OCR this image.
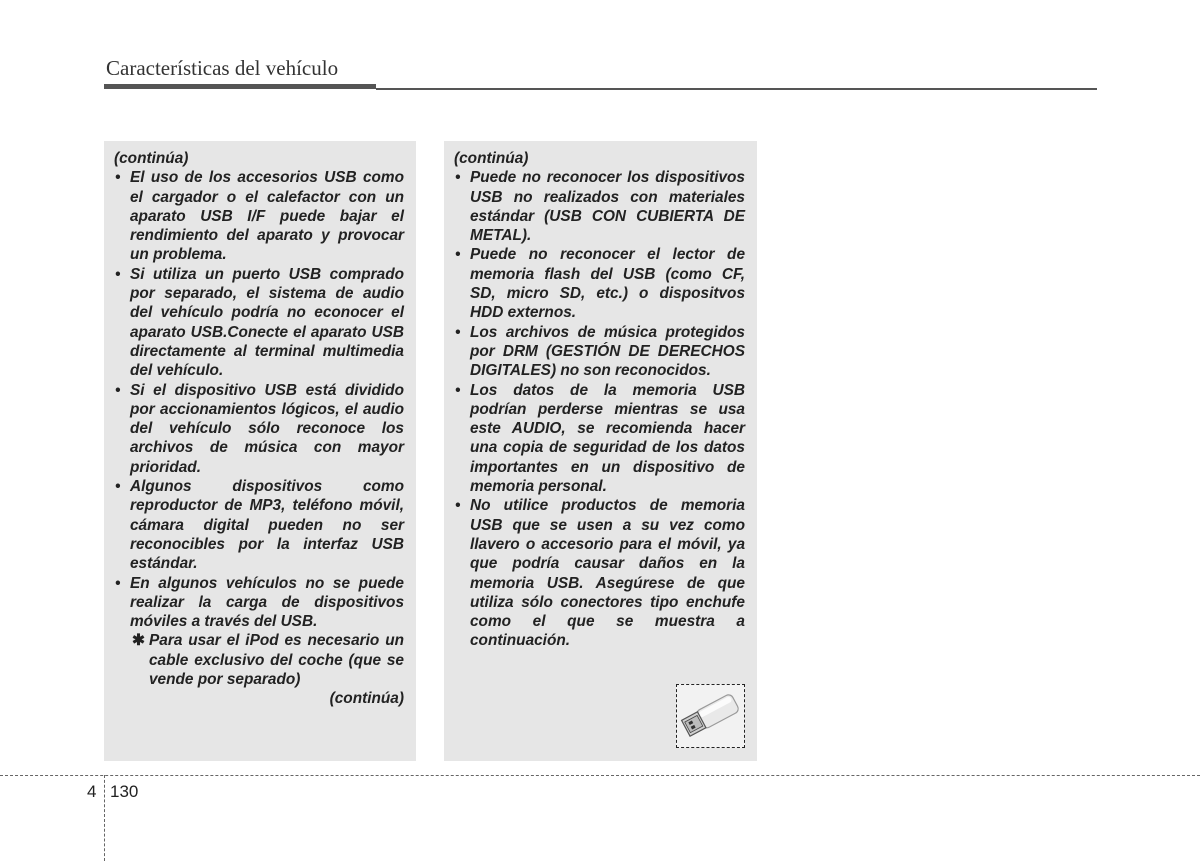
Características del vehículo

(continúa)

• El uso de los accesorios USB como el cargador o el calefactor con un aparato USB I/F puede bajar el rendimiento del aparato y provocar un problema.
• Si utiliza un puerto USB comprado por separado, el sistema de audio del vehículo podría no econocer el aparato USB.Conecte el aparato USB directamente al terminal multimedia del vehículo.
• Si el dispositivo USB está dividido por accionamientos lógicos, el audio del vehículo sólo reconoce los archivos de música con mayor prioridad.
• Algunos dispositivos como reproductor de MP3, teléfono móvil, cámara digital pueden no ser reconocibles por la interfaz USB estándar.
• En algunos vehículos no se puede realizar la carga de dispositivos móviles a través del USB.

✱ Para usar el iPod es necesario un cable exclusivo del coche (que se vende por separado)

(continúa)

(continúa)

• Puede no reconocer los dispositivos USB no realizados con materiales estándar (USB CON CUBIERTA DE METAL).
• Puede no reconocer el lector de memoria flash del USB (como CF, SD, micro SD, etc.) o dispositvos HDD externos.
• Los archivos de música protegidos por DRM (GESTIÓN DE DERECHOS DIGITALES) no son reconocidos.
• Los datos de la memoria USB podrían perderse mientras se usa este AUDIO, se recomienda hacer una copia de seguridad de los datos importantes en un dispositivo de memoria personal.
• No utilice productos de memoria USB que se usen a su vez como llavero o accesorio para el móvil, ya que podría causar daños en la memoria USB. Asegúrese de que utiliza sólo conectores tipo enchufe como el que se muestra a continuación.
4 130
